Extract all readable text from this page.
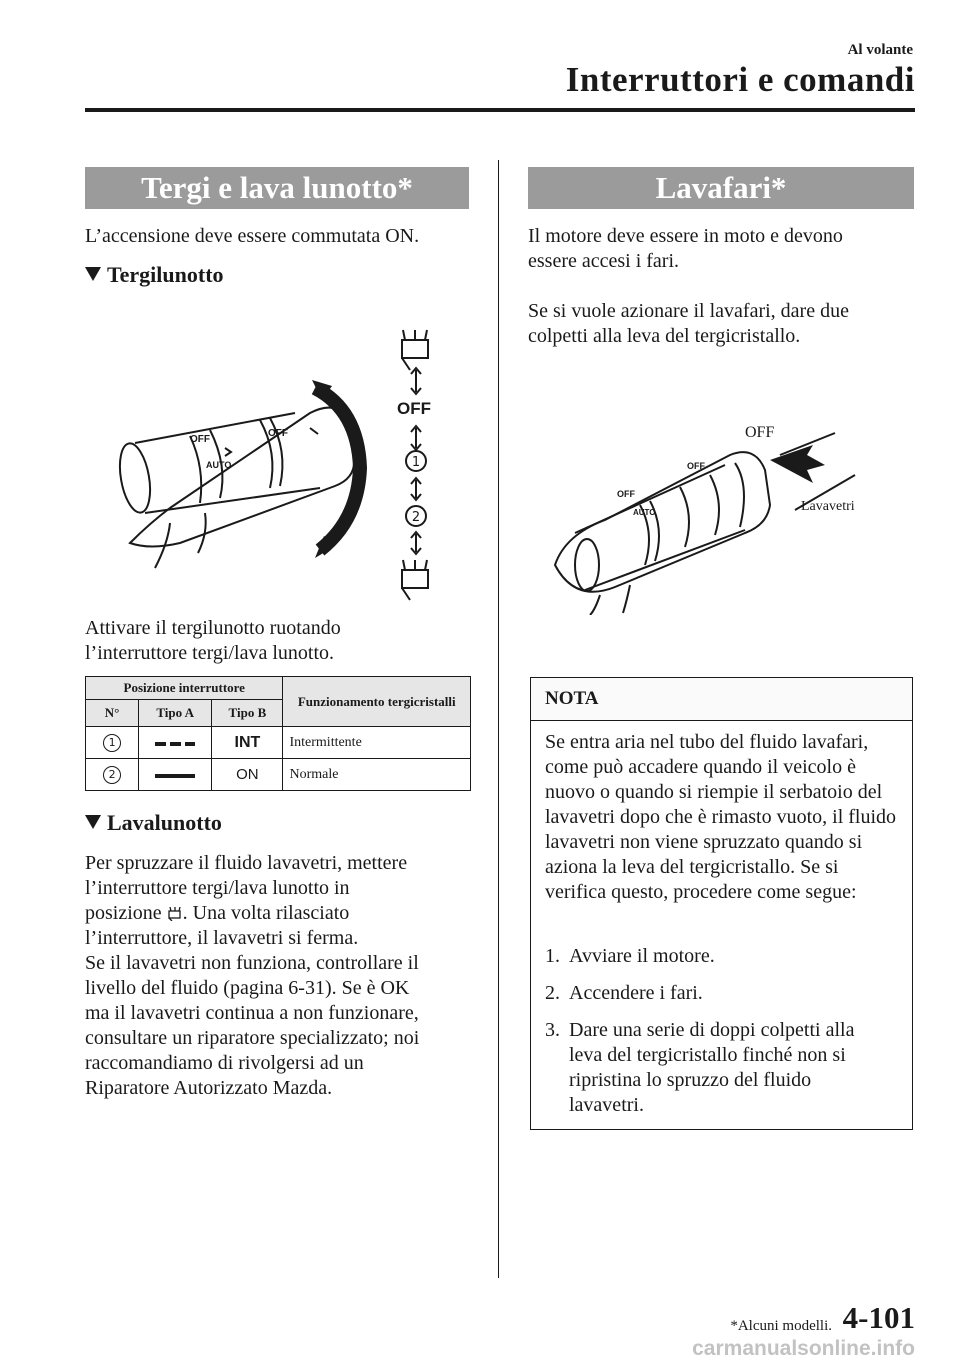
Al volante
Interruttori e comandi
Tergi e lava lunotto*
L’accensione deve essere commutata ON.
Tergilunotto
OFF
AUTO
OFF
OFF
1
2
Attivare il tergilunotto ruotando
l’interruttore tergi/lava lunotto.
Posizione interruttore			Funzionamento tergicristalli
N°	Tipo A	Tipo B	
1		INT	Intermittente
2		ON	Normale
Lavalunotto
Per spruzzare il fluido lavavetri, mettere
l’interruttore tergi/lava lunotto in
posizione . Una volta rilasciato
l’interruttore, il lavavetri si ferma.
Se il lavavetri non funziona, controllare il
livello del fluido (pagina 6-31). Se è OK
ma il lavavetri continua a non funzionare,
consultare un riparatore specializzato; noi
raccomandiamo di rivolgersi ad un
Riparatore Autorizzato Mazda.
Lavafari*
Il motore deve essere in moto e devono
essere accesi i fari.
Se si vuole azionare il lavafari, dare due
colpetti alla leva del tergicristallo.
OFF
AUTO
OFF
OFF
Lavavetri
NOTA
Se entra aria nel tubo del fluido lavafari, come può accadere quando il veicolo è nuovo o quando si riempie il serbatoio del lavavetri dopo che è rimasto vuoto, il fluido lavavetri non viene spruzzato quando si aziona la leva del tergicristallo. Se si verifica questo, procedere come segue:
1. Avviare il motore.
2. Accendere i fari.
3. Dare una serie di doppi colpetti alla
leva del tergicristallo finché non si
ripristina lo spruzzo del fluido
lavavetri.
*Alcuni modelli. 4-101
carmanualsonline.info
